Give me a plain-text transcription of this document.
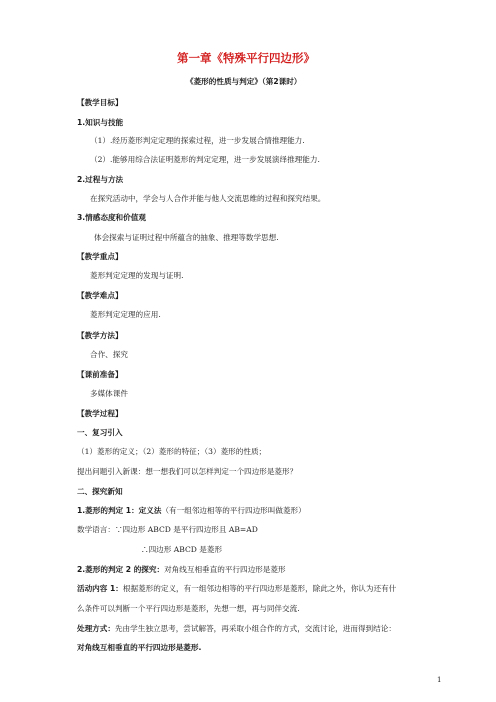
第一章《特殊平行四边形》
《菱形的性质与判定》（第2课时）
【教学目标】
1.知识与技能
（1）.经历菱形判定定理的探索过程，进一步发展合情推理能力.
（2）.能够用综合法证明菱形的判定定理，进一步发展演绎推理能力.
2.过程与方法
在探究活动中，学会与人合作并能与他人交流思维的过程和探究结果。
3.情感态度和价值观
体会探索与证明过程中所蕴含的抽象、推理等数学思想.
【教学重点】
菱形判定定理的发现与证明.
【教学难点】
菱形判定定理的应用.
【教学方法】
合作、探究
【课前准备】
多媒体课件
【教学过程】
一、复习引入
（1）菱形的定义；（2）菱形的特征；（3）菱形的性质；
提出问题引入新课：想一想我们可以怎样判定一个四边形是菱形？
二、探究新知
1.菱形的判定 1：定义法（有一组邻边相等的平行四边形叫做菱形）
数学语言：∵四边形 ABCD 是平行四边形且 AB=AD
∴四边形 ABCD 是菱形
2.菱形的判定 2 的探究：对角线互相垂直的平行四边形是菱形
活动内容 1：根据菱形的定义，有一组邻边相等的平行四边形是菱形，除此之外，你认为还有什
么条件可以判断一个平行四边形是菱形，先想一想，再与同伴交流.
处理方式：先由学生独立思考，尝试解答，再采取小组合作的方式，交流讨论，进而得到结论：
对角线互相垂直的平行四边形是菱形.
1
